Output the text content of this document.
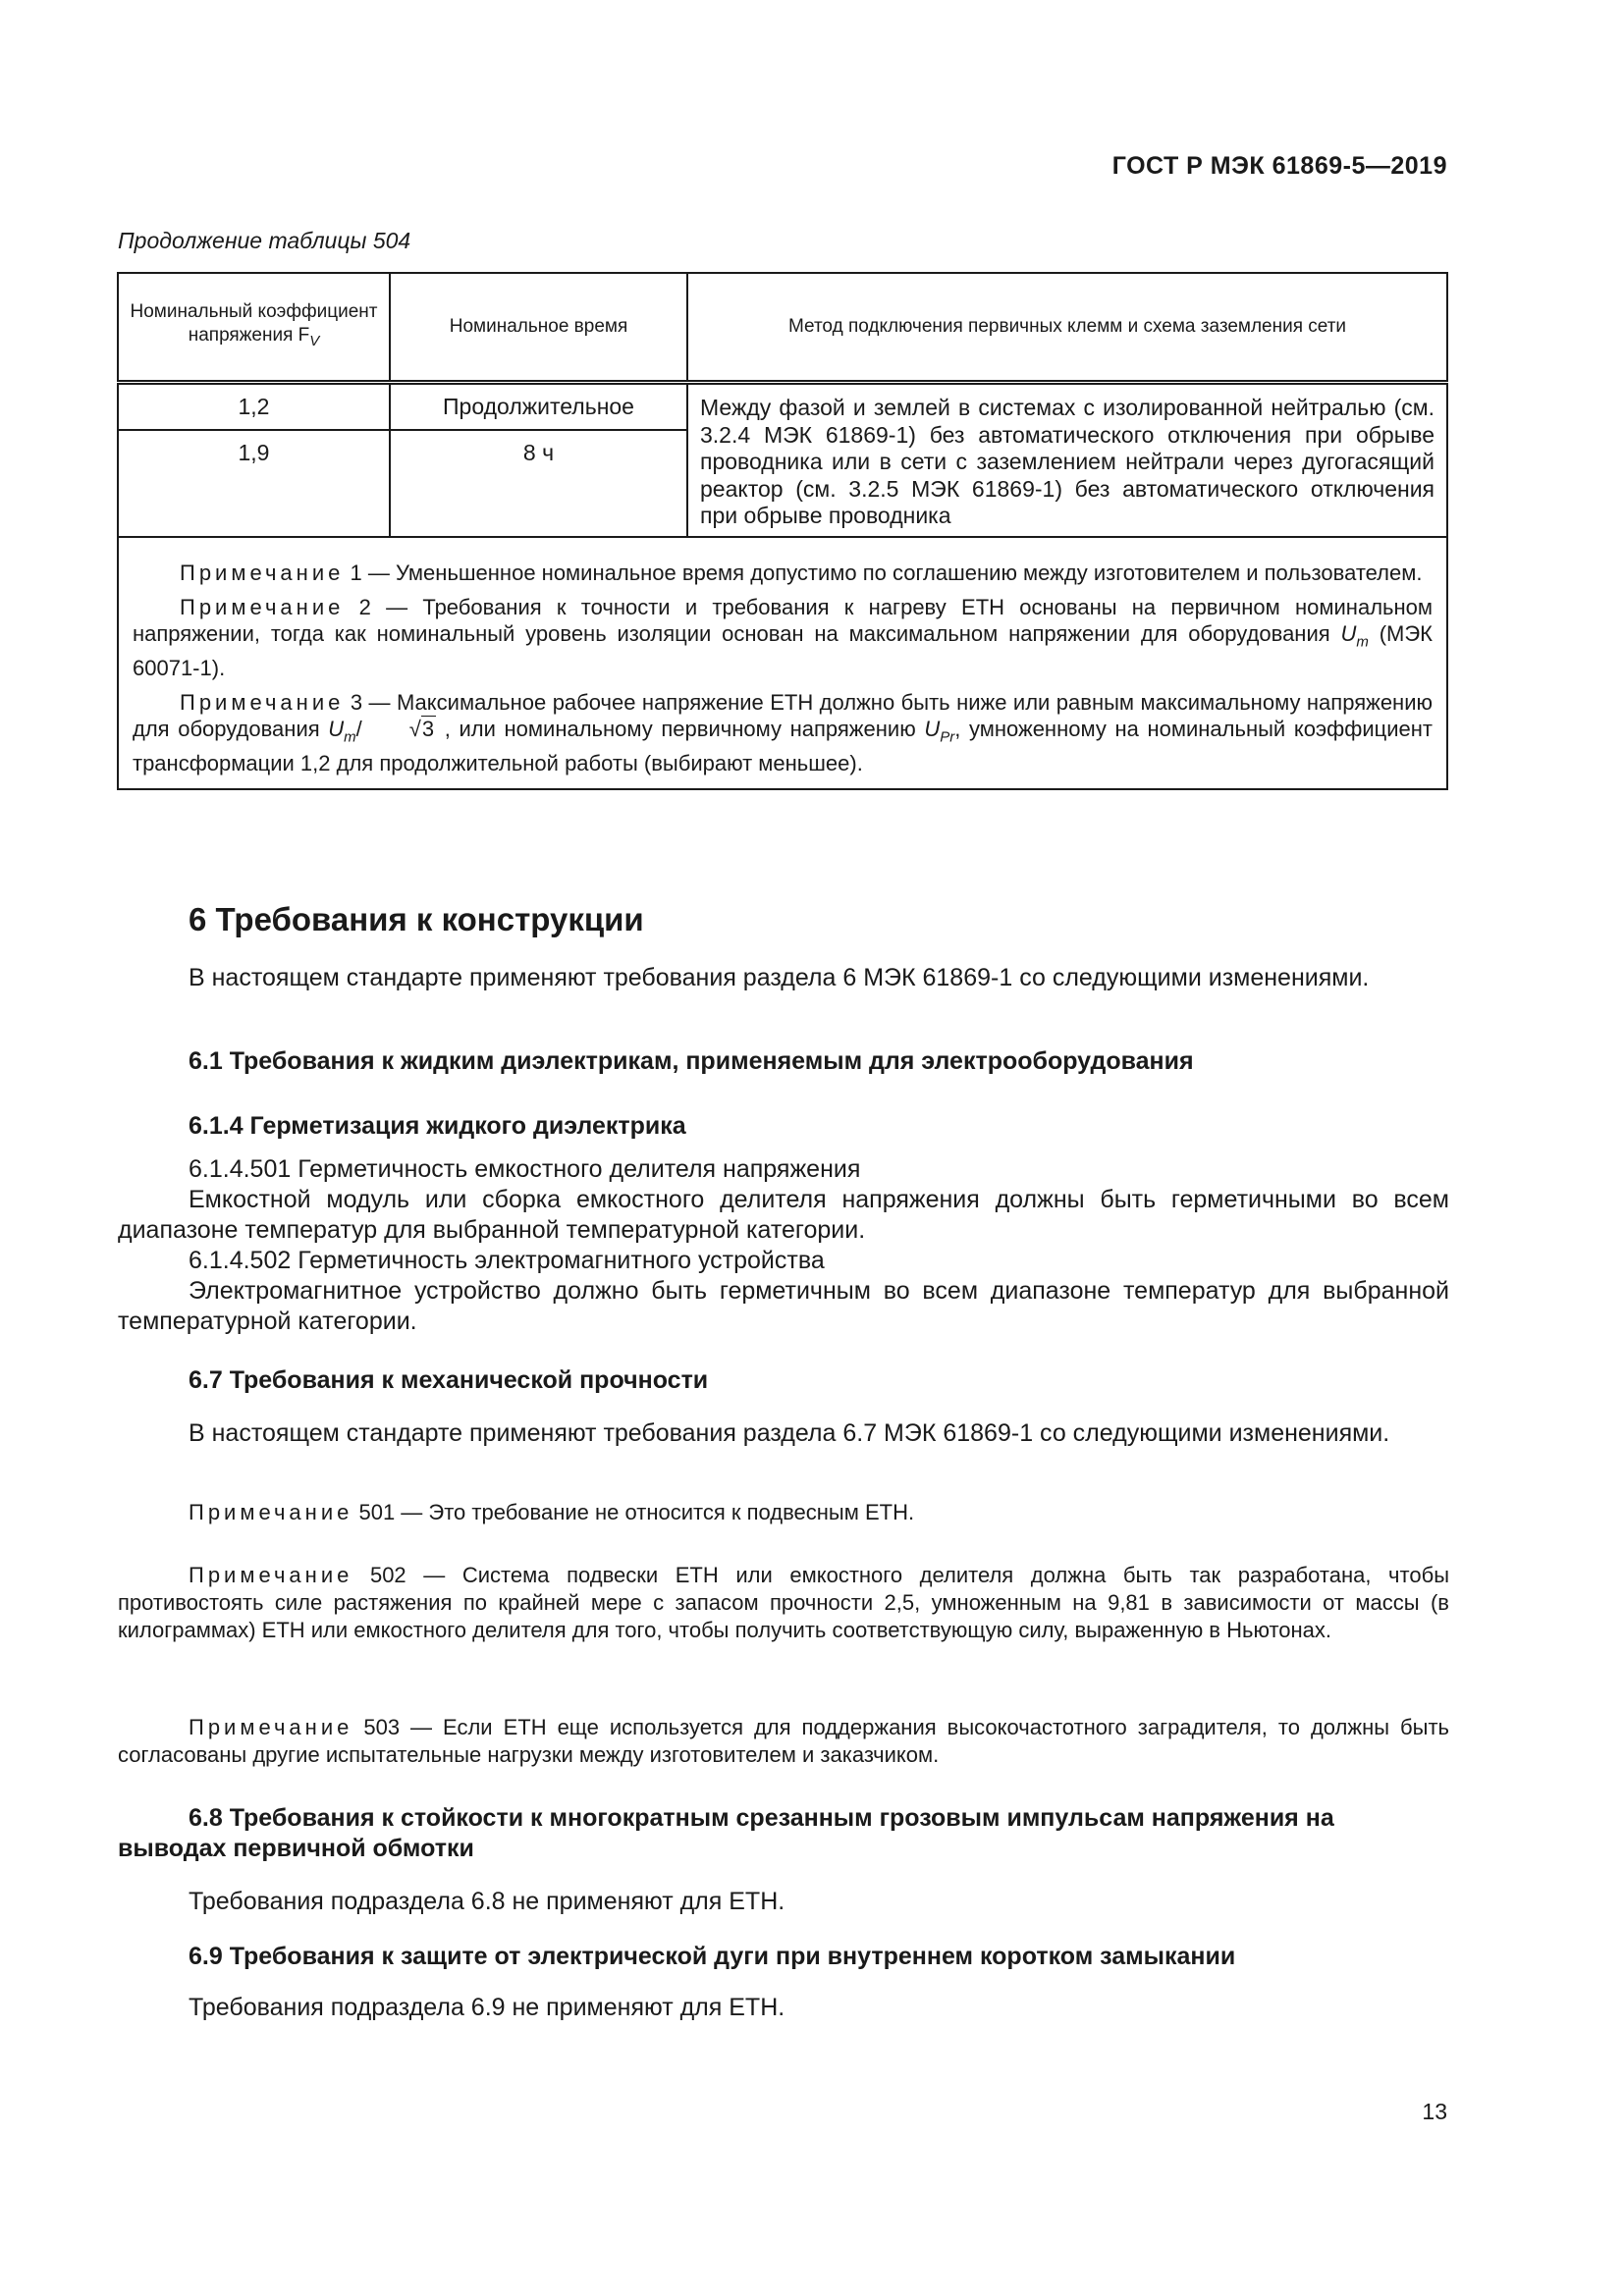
ГОСТ Р МЭК 61869-5—2019
Продолжение таблицы 504
Номинальный коэффициент напряжения $F_V$	Номинальное время	Метод подключения первичных клемм и схема заземления сети
1,2	Продолжительное	Между фазой и землей в системах с изолированной нейтралью (см. 3.2.4 МЭК 61869-1) без автоматического отключения при обрыве проводника или в сети с заземлением нейтрали через дугогасящий реактор (см. 3.2.5 МЭК 61869-1) без автоматического отключения при обрыве проводника
1,9	8 ч	

Примечание 1 — Уменьшенное номинальное время допустимо по соглашению между изготовителем и пользователем.

Примечание 2 — Требования к точности и требования к нагреву ЕТН основаны на первичном номинальном напряжении, тогда как номинальный уровень изоляции основан на максимальном напряжении для оборудования $U_m$ (МЭК 60071-1).

Примечание 3 — Максимальное рабочее напряжение ЕТН должно быть ниже или равным максимальному напряжению для оборудования $U_m/$ √3 , или номинальному первичному напряжению $U_{Pr}$, умноженному на номинальный коэффициент трансформации 1,2 для продолжительной работы (выбирают меньшее).		

6 Требования к конструкции
В настоящем стандарте применяют требования раздела 6 МЭК 61869-1 со следующими изменениями.
6.1 Требования к жидким диэлектрикам, применяемым для электрооборудования
6.1.4 Герметизация жидкого диэлектрика
6.1.4.501 Герметичность емкостного делителя напряжения
Емкостной модуль или сборка емкостного делителя напряжения должны быть герметичными во всем диапазоне температур для выбранной температурной категории.
6.1.4.502 Герметичность электромагнитного устройства
Электромагнитное устройство должно быть герметичным во всем диапазоне температур для выбранной температурной категории.
6.7 Требования к механической прочности
В настоящем стандарте применяют требования раздела 6.7 МЭК 61869-1 со следующими изменениями.
Примечание 501 — Это требование не относится к подвесным ЕТН.
Примечание 502 — Система подвески ЕТН или емкостного делителя должна быть так разработана, чтобы противостоять силе растяжения по крайней мере с запасом прочности 2,5, умноженным на 9,81 в зависимости от массы (в килограммах) ЕТН или емкостного делителя для того, чтобы получить соответствующую силу, выраженную в Ньютонах.
Примечание 503 — Если ЕТН еще используется для поддержания высокочастотного заградителя, то должны быть согласованы другие испытательные нагрузки между изготовителем и заказчиком.
6.8 Требования к стойкости к многократным срезанным грозовым импульсам напряжения на выводах первичной обмотки
Требования подраздела 6.8 не применяют для ЕТН.
6.9 Требования к защите от электрической дуги при внутреннем коротком замыкании
Требования подраздела 6.9 не применяют для ЕТН.
13
